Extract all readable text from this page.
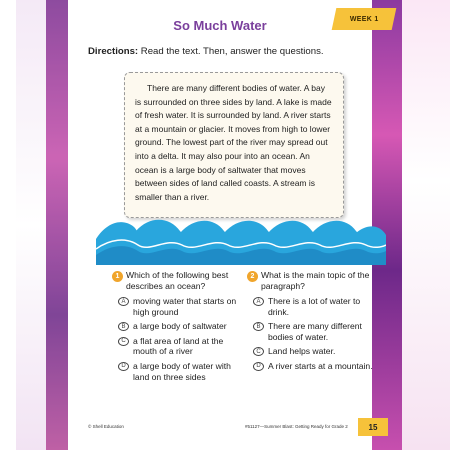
So Much Water	WEEK 1
Directions: Read the text. Then, answer the questions.

There are many different bodies of water. A bay is surrounded on three sides by land. A lake is made of fresh water. It is surrounded by land. A river starts at a mountain or glacier. It moves from high to lower ground. The lowest part of the river may spread out into a delta. It may also pour into an ocean. An ocean is a large body of saltwater that moves between sides of land called coasts. A stream is smaller than a river.

1 Which of the following best describes an ocean?
A moving water that starts on high ground
B a large body of saltwater
C a flat area of land at the mouth of a river
D a large body of water with land on three sides
2 What is the main topic of the paragraph?
A There is a lot of water to drink.
B There are many different bodies of water.
C Land helps water.
D A river starts at a mountain.
© Shell Education	#51127—Summer Blast: Getting Ready for Grade 2	15
